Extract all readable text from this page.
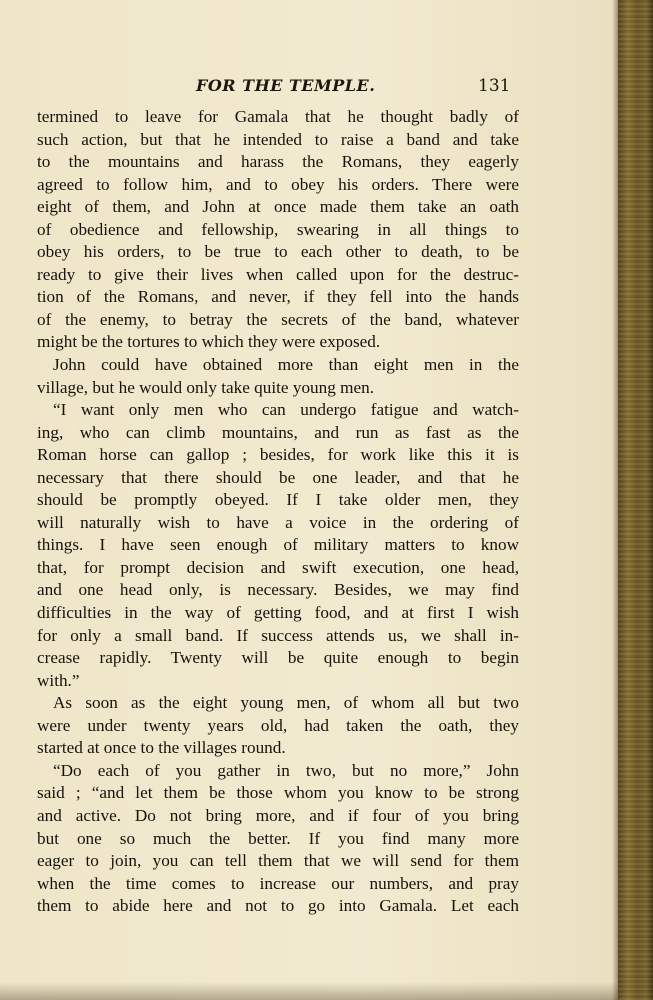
FOR THE TEMPLE.	131
termined to leave for Gamala that he thought badly of
such action, but that he intended to raise a band and take
to the mountains and harass the Romans, they eagerly
agreed to follow him, and to obey his orders. There were
eight of them, and John at once made them take an oath
of obedience and fellowship, swearing in all things to
obey his orders, to be true to each other to death, to be
ready to give their lives when called upon for the destruc-
tion of the Romans, and never, if they fell into the hands
of the enemy, to betray the secrets of the band, whatever
might be the tortures to which they were exposed.
John could have obtained more than eight men in the
village, but he would only take quite young men.
“I want only men who can undergo fatigue and watch-
ing, who can climb mountains, and run as fast as the
Roman horse can gallop ; besides, for work like this it is
necessary that there should be one leader, and that he
should be promptly obeyed. If I take older men, they
will naturally wish to have a voice in the ordering of
things. I have seen enough of military matters to know
that, for prompt decision and swift execution, one head,
and one head only, is necessary. Besides, we may find
difficulties in the way of getting food, and at first I wish
for only a small band. If success attends us, we shall in-
crease rapidly. Twenty will be quite enough to begin
with.”
As soon as the eight young men, of whom all but two
were under twenty years old, had taken the oath, they
started at once to the villages round.
“Do each of you gather in two, but no more,” John
said ; “and let them be those whom you know to be strong
and active. Do not bring more, and if four of you bring
but one so much the better. If you find many more
eager to join, you can tell them that we will send for them
when the time comes to increase our numbers, and pray
them to abide here and not to go into Gamala. Let each
